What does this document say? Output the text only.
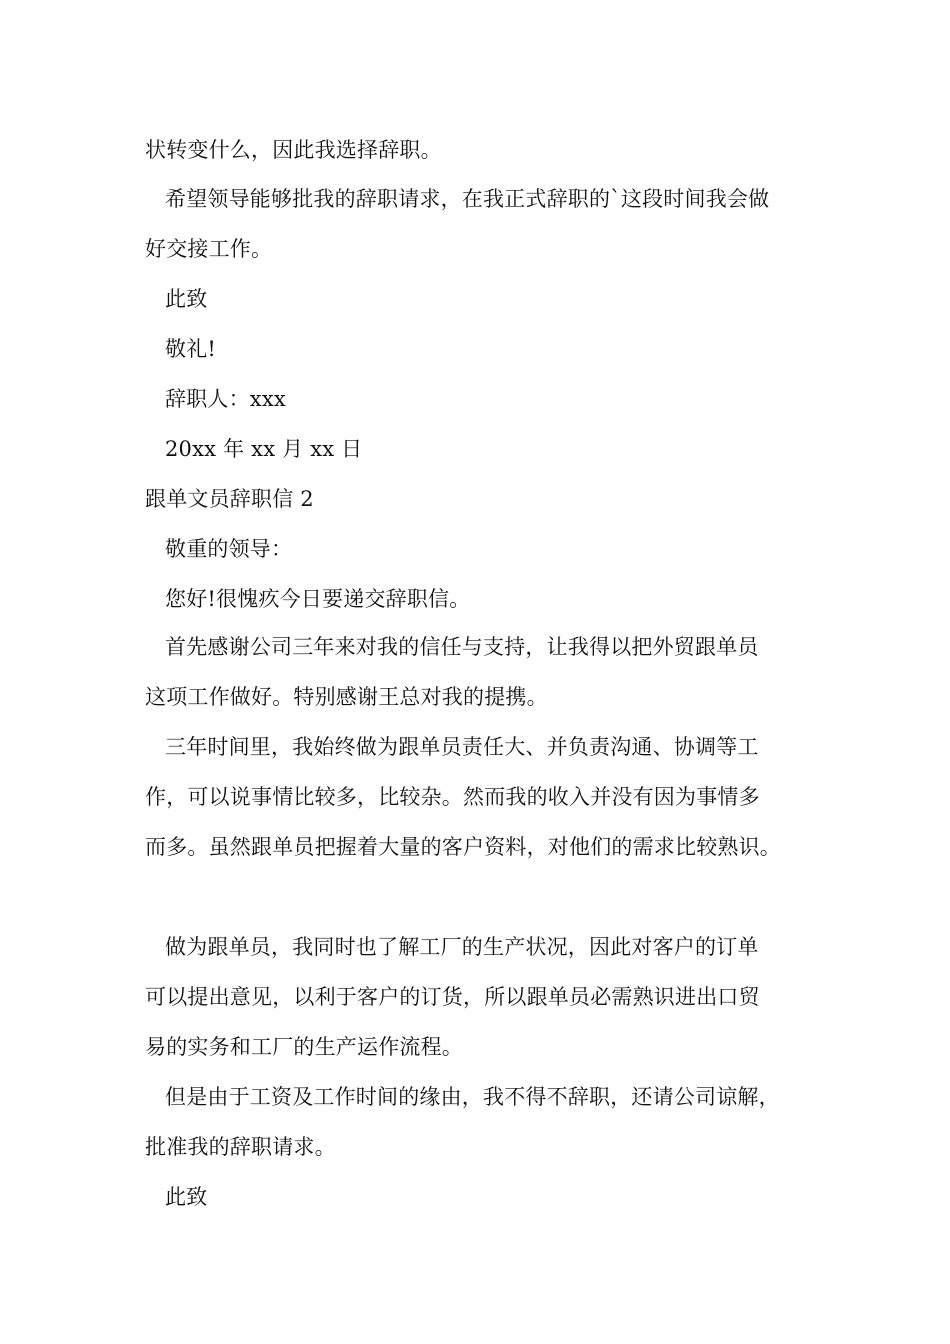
状转变什么，因此我选择辞职。
希望领导能够批我的辞职请求，在我正式辞职的`这段时间我会做
好交接工作。
此致
敬礼!
辞职人：xxx
20xx 年 xx 月 xx 日
跟单文员辞职信 2
敬重的领导：
您好!很愧疚今日要递交辞职信。
首先感谢公司三年来对我的信任与支持，让我得以把外贸跟单员
这项工作做好。特别感谢王总对我的提携。
三年时间里，我始终做为跟单员责任大、并负责沟通、协调等工
作，可以说事情比较多，比较杂。然而我的收入并没有因为事情多
而多。虽然跟单员把握着大量的客户资料，对他们的需求比较熟识。
做为跟单员，我同时也了解工厂的生产状况，因此对客户的订单
可以提出意见，以利于客户的订货，所以跟单员必需熟识进出口贸
易的实务和工厂的生产运作流程。
但是由于工资及工作时间的缘由，我不得不辞职，还请公司谅解，
批准我的辞职请求。
此致
